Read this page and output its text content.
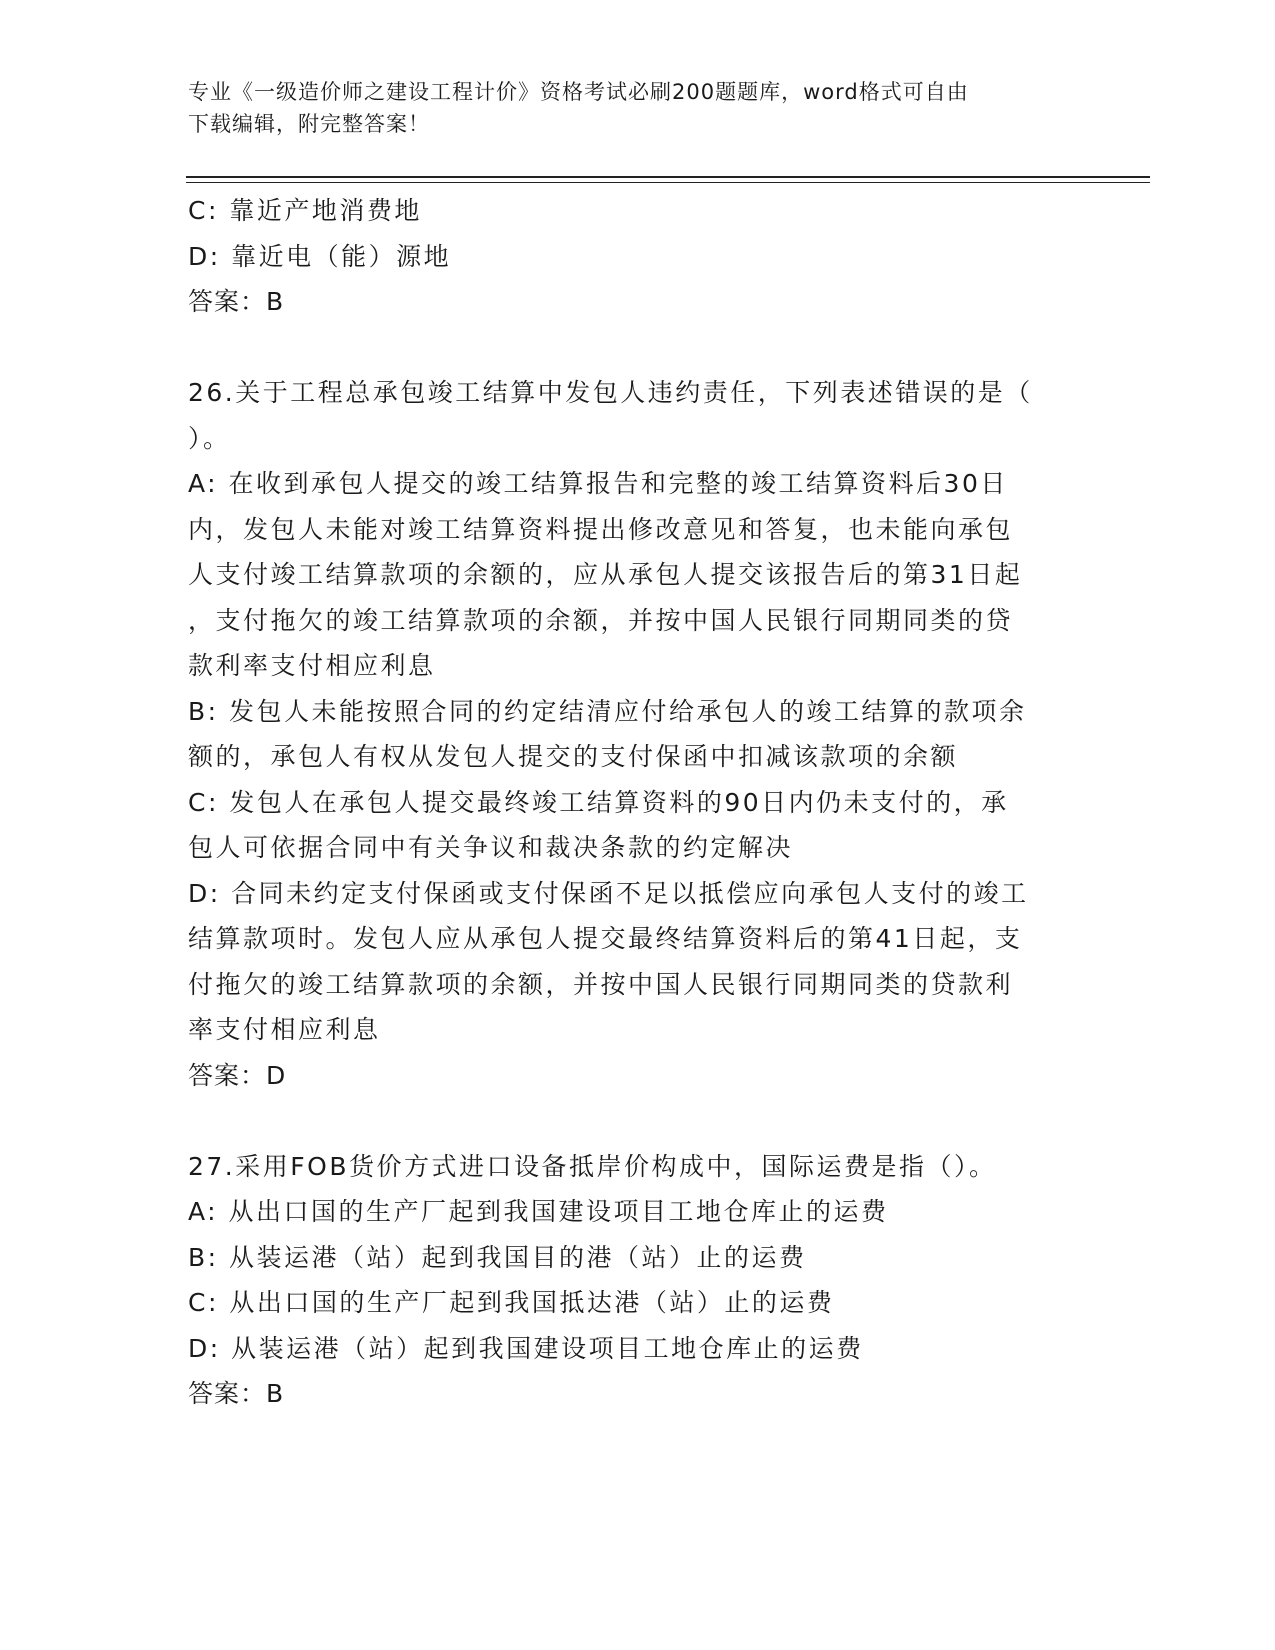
专业《一级造价师之建设工程计价》资格考试必刷200题题库，word格式可自由
下载编辑，附完整答案！
C: 靠近产地消费地
D: 靠近电（能）源地
答案：B
26.关于工程总承包竣工结算中发包人违约责任，下列表述错误的是（
）。
A: 在收到承包人提交的竣工结算报告和完整的竣工结算资料后30日
内，发包人未能对竣工结算资料提出修改意见和答复，也未能向承包
人支付竣工结算款项的余额的，应从承包人提交该报告后的第31日起
，支付拖欠的竣工结算款项的余额，并按中国人民银行同期同类的贷
款利率支付相应利息
B: 发包人未能按照合同的约定结清应付给承包人的竣工结算的款项余
额的，承包人有权从发包人提交的支付保函中扣减该款项的余额
C: 发包人在承包人提交最终竣工结算资料的90日内仍未支付的，承
包人可依据合同中有关争议和裁决条款的约定解决
D: 合同未约定支付保函或支付保函不足以抵偿应向承包人支付的竣工
结算款项时。发包人应从承包人提交最终结算资料后的第41日起，支
付拖欠的竣工结算款项的余额，并按中国人民银行同期同类的贷款利
率支付相应利息
答案：D
27.采用FOB货价方式进口设备抵岸价构成中，国际运费是指（）。
A: 从出口国的生产厂起到我国建设项目工地仓库止的运费
B: 从装运港（站）起到我国目的港（站）止的运费
C: 从出口国的生产厂起到我国抵达港（站）止的运费
D: 从装运港（站）起到我国建设项目工地仓库止的运费
答案：B
